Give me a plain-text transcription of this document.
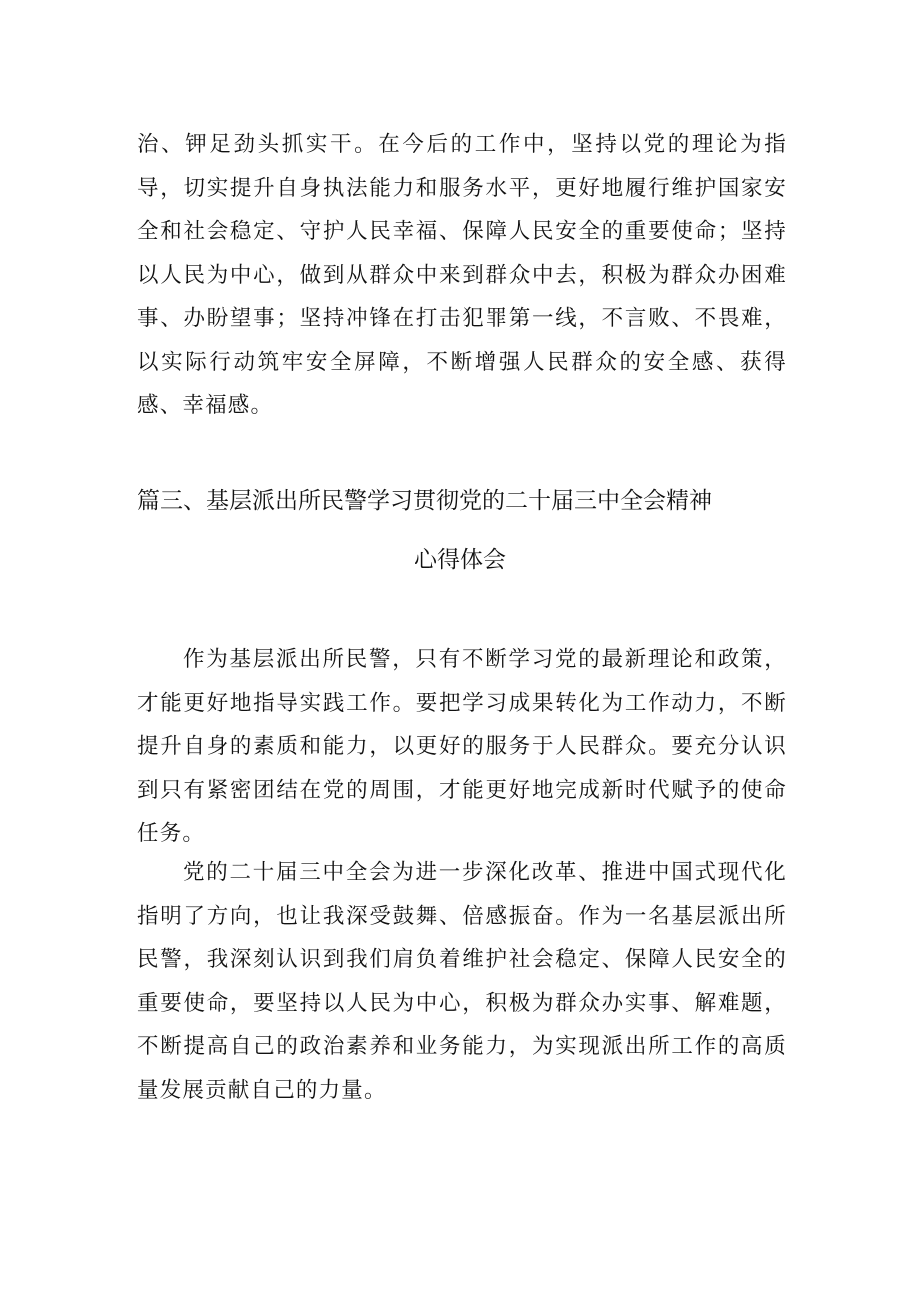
治、钾足劲头抓实干。在今后的工作中，坚持以党的理论为指导，切实提升自身执法能力和服务水平，更好地履行维护国家安全和社会稳定、守护人民幸福、保障人民安全的重要使命；坚持以人民为中心，做到从群众中来到群众中去，积极为群众办困难事、办盼望事；坚持冲锋在打击犯罪第一线，不言败、不畏难，以实际行动筑牢安全屏障，不断增强人民群众的安全感、获得感、幸福感。

篇三、基层派出所民警学习贯彻党的二十届三中全会精神
心得体会

作为基层派出所民警，只有不断学习党的最新理论和政策，才能更好地指导实践工作。要把学习成果转化为工作动力，不断提升自身的素质和能力，以更好的服务于人民群众。要充分认识到只有紧密团结在党的周围，才能更好地完成新时代赋予的使命任务。

党的二十届三中全会为进一步深化改革、推进中国式现代化指明了方向，也让我深受鼓舞、倍感振奋。作为一名基层派出所民警，我深刻认识到我们肩负着维护社会稳定、保障人民安全的重要使命，要坚持以人民为中心，积极为群众办实事、解难题，不断提高自己的政治素养和业务能力，为实现派出所工作的高质量发展贡献自己的力量。
